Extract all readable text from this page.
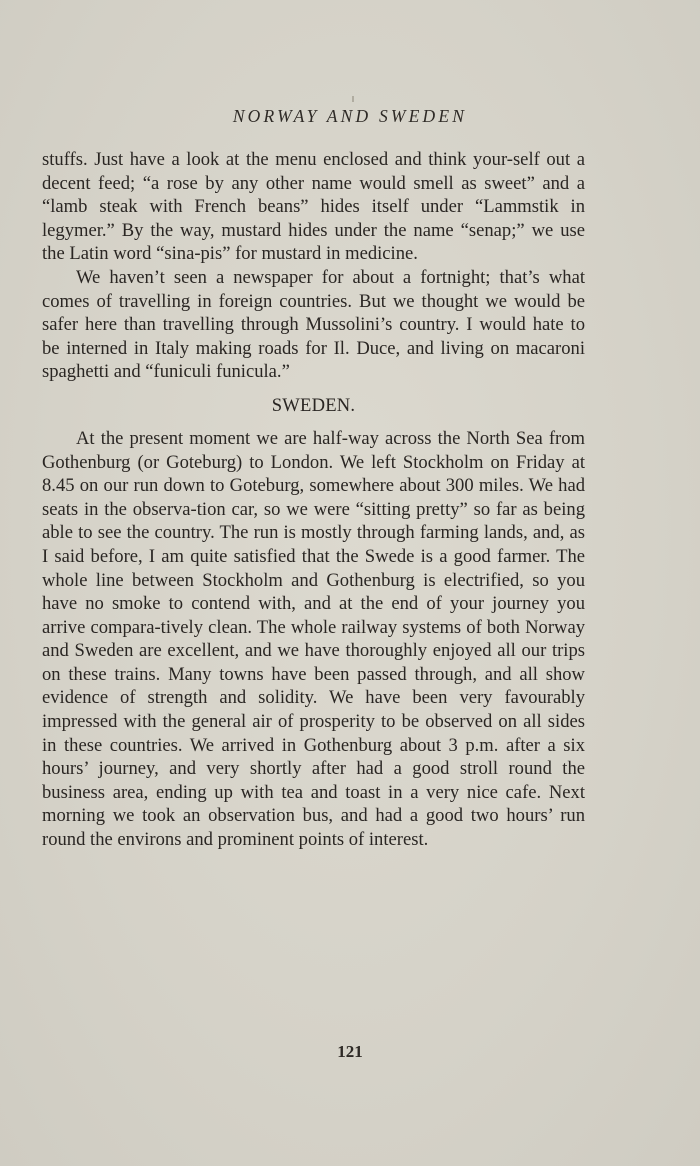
NORWAY AND SWEDEN

stuffs. Just have a look at the menu enclosed and think your-self out a decent feed; “a rose by any other name would smell as sweet” and a “lamb steak with French beans” hides itself under “Lammstik in legymer.” By the way, mustard hides under the name “senap;” we use the Latin word “sina-pis” for mustard in medicine.

We haven’t seen a newspaper for about a fortnight; that’s what comes of travelling in foreign countries. But we thought we would be safer here than travelling through Mussolini’s country. I would hate to be interned in Italy making roads for Il. Duce, and living on macaroni spaghetti and “funiculi funicula.”

SWEDEN.

At the present moment we are half-way across the North Sea from Gothenburg (or Goteburg) to London. We left Stockholm on Friday at 8.45 on our run down to Goteburg, somewhere about 300 miles. We had seats in the observa-tion car, so we were “sitting pretty” so far as being able to see the country. The run is mostly through farming lands, and, as I said before, I am quite satisfied that the Swede is a good farmer. The whole line between Stockholm and Gothenburg is electrified, so you have no smoke to contend with, and at the end of your journey you arrive compara-tively clean. The whole railway systems of both Norway and Sweden are excellent, and we have thoroughly enjoyed all our trips on these trains. Many towns have been passed through, and all show evidence of strength and solidity. We have been very favourably impressed with the general air of prosperity to be observed on all sides in these countries. We arrived in Gothenburg about 3 p.m. after a six hours’ journey, and very shortly after had a good stroll round the business area, ending up with tea and toast in a very nice cafe. Next morning we took an observation bus, and had a good two hours’ run round the environs and prominent points of interest.

121
